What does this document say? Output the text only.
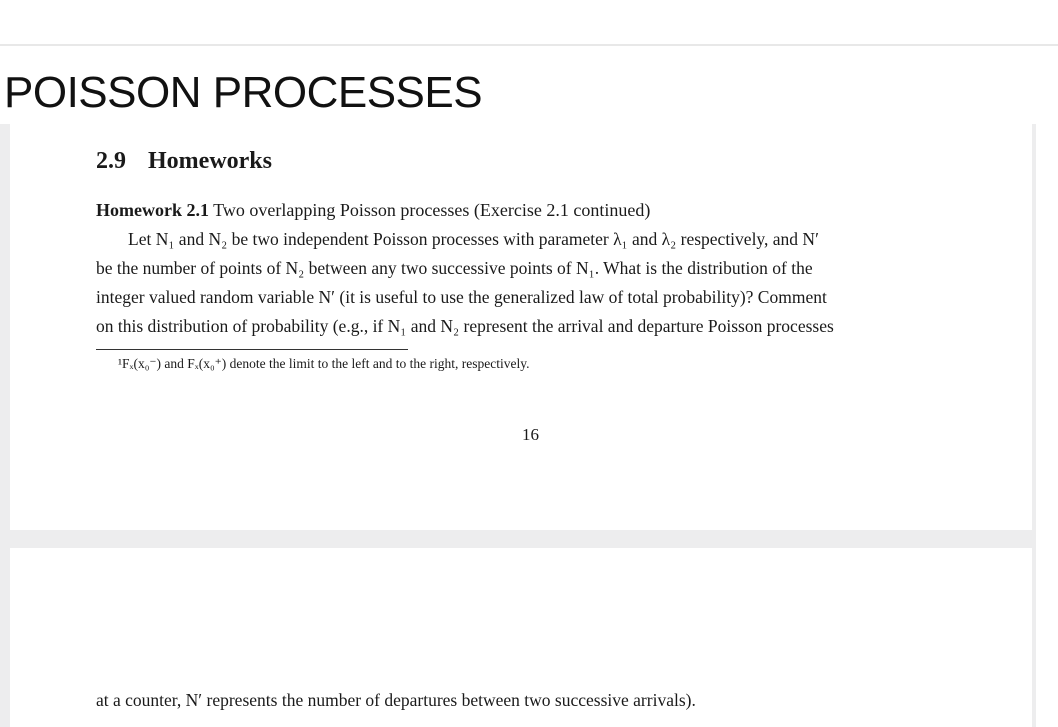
POISSON PROCESSES
2.9 Homeworks
Homework 2.1 Two overlapping Poisson processes (Exercise 2.1 continued)
Let N₁ and N₂ be two independent Poisson processes with parameter λ₁ and λ₂ respectively, and N′
be the number of points of N₂ between any two successive points of N₁. What is the distribution of the
integer valued random variable N′ (it is useful to use the generalized law of total probability)? Comment
on this distribution of probability (e.g., if N₁ and N₂ represent the arrival and departure Poisson processes
¹Fₓ(x₀⁻) and Fₓ(x₀⁺) denote the limit to the left and to the right, respectively.
16
at a counter, N′ represents the number of departures between two successive arrivals).
